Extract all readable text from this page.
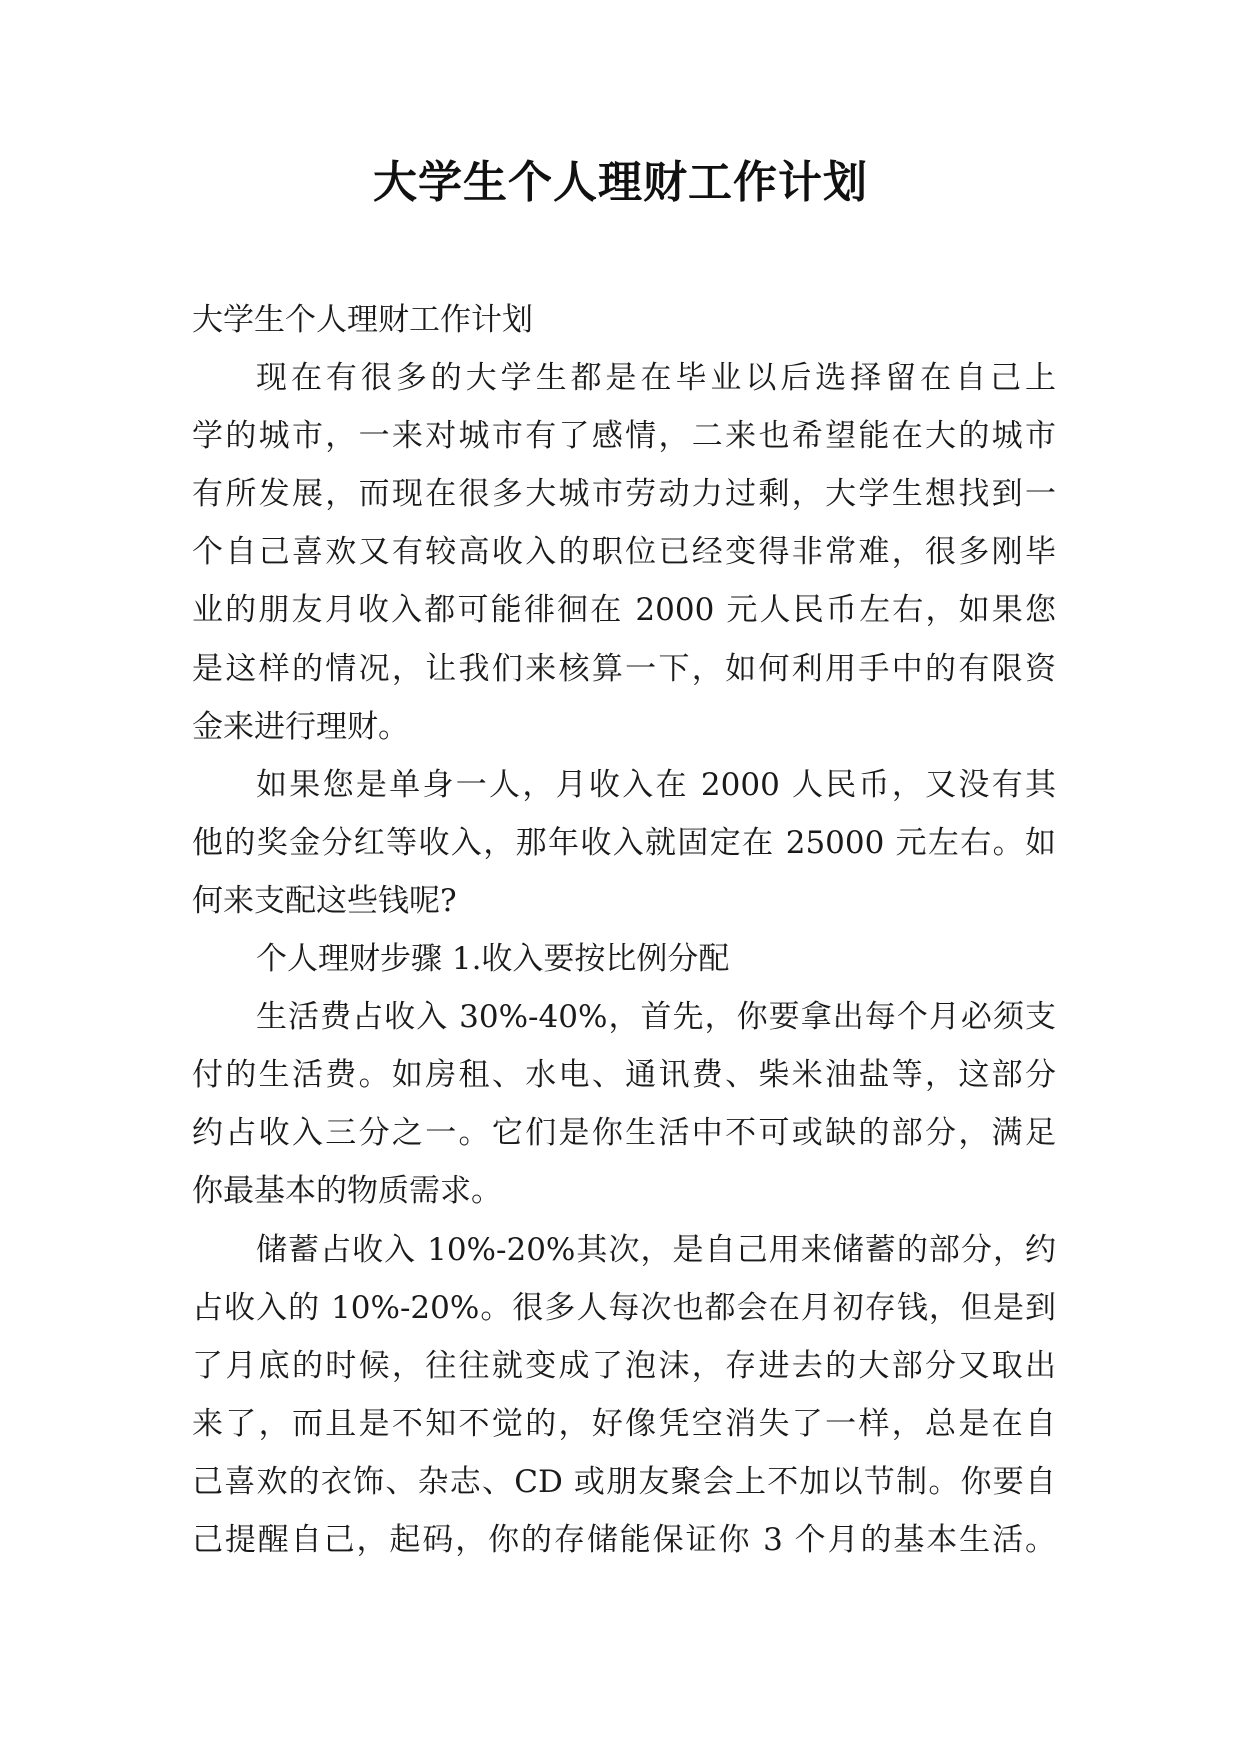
大学生个人理财工作计划
大学生个人理财工作计划
现在有很多的大学生都是在毕业以后选择留在自己上
学的城市，一来对城市有了感情，二来也希望能在大的城市
有所发展，而现在很多大城市劳动力过剩，大学生想找到一
个自己喜欢又有较高收入的职位已经变得非常难，很多刚毕
业的朋友月收入都可能徘徊在 2000 元人民币左右，如果您
是这样的情况，让我们来核算一下，如何利用手中的有限资
金来进行理财。
如果您是单身一人，月收入在 2000 人民币，又没有其
他的奖金分红等收入，那年收入就固定在 25000 元左右。如
何来支配这些钱呢?
个人理财步骤 1.收入要按比例分配
生活费占收入 30%-40%，首先，你要拿出每个月必须支
付的生活费。如房租、水电、通讯费、柴米油盐等，这部分
约占收入三分之一。它们是你生活中不可或缺的部分，满足
你最基本的物质需求。
储蓄占收入 10%-20%其次，是自己用来储蓄的部分，约
占收入的 10%-20%。很多人每次也都会在月初存钱，但是到
了月底的时候，往往就变成了泡沫，存进去的大部分又取出
来了，而且是不知不觉的，好像凭空消失了一样，总是在自
己喜欢的衣饰、杂志、CD 或朋友聚会上不加以节制。你要自
己提醒自己，起码，你的存储能保证你 3 个月的基本生活。
